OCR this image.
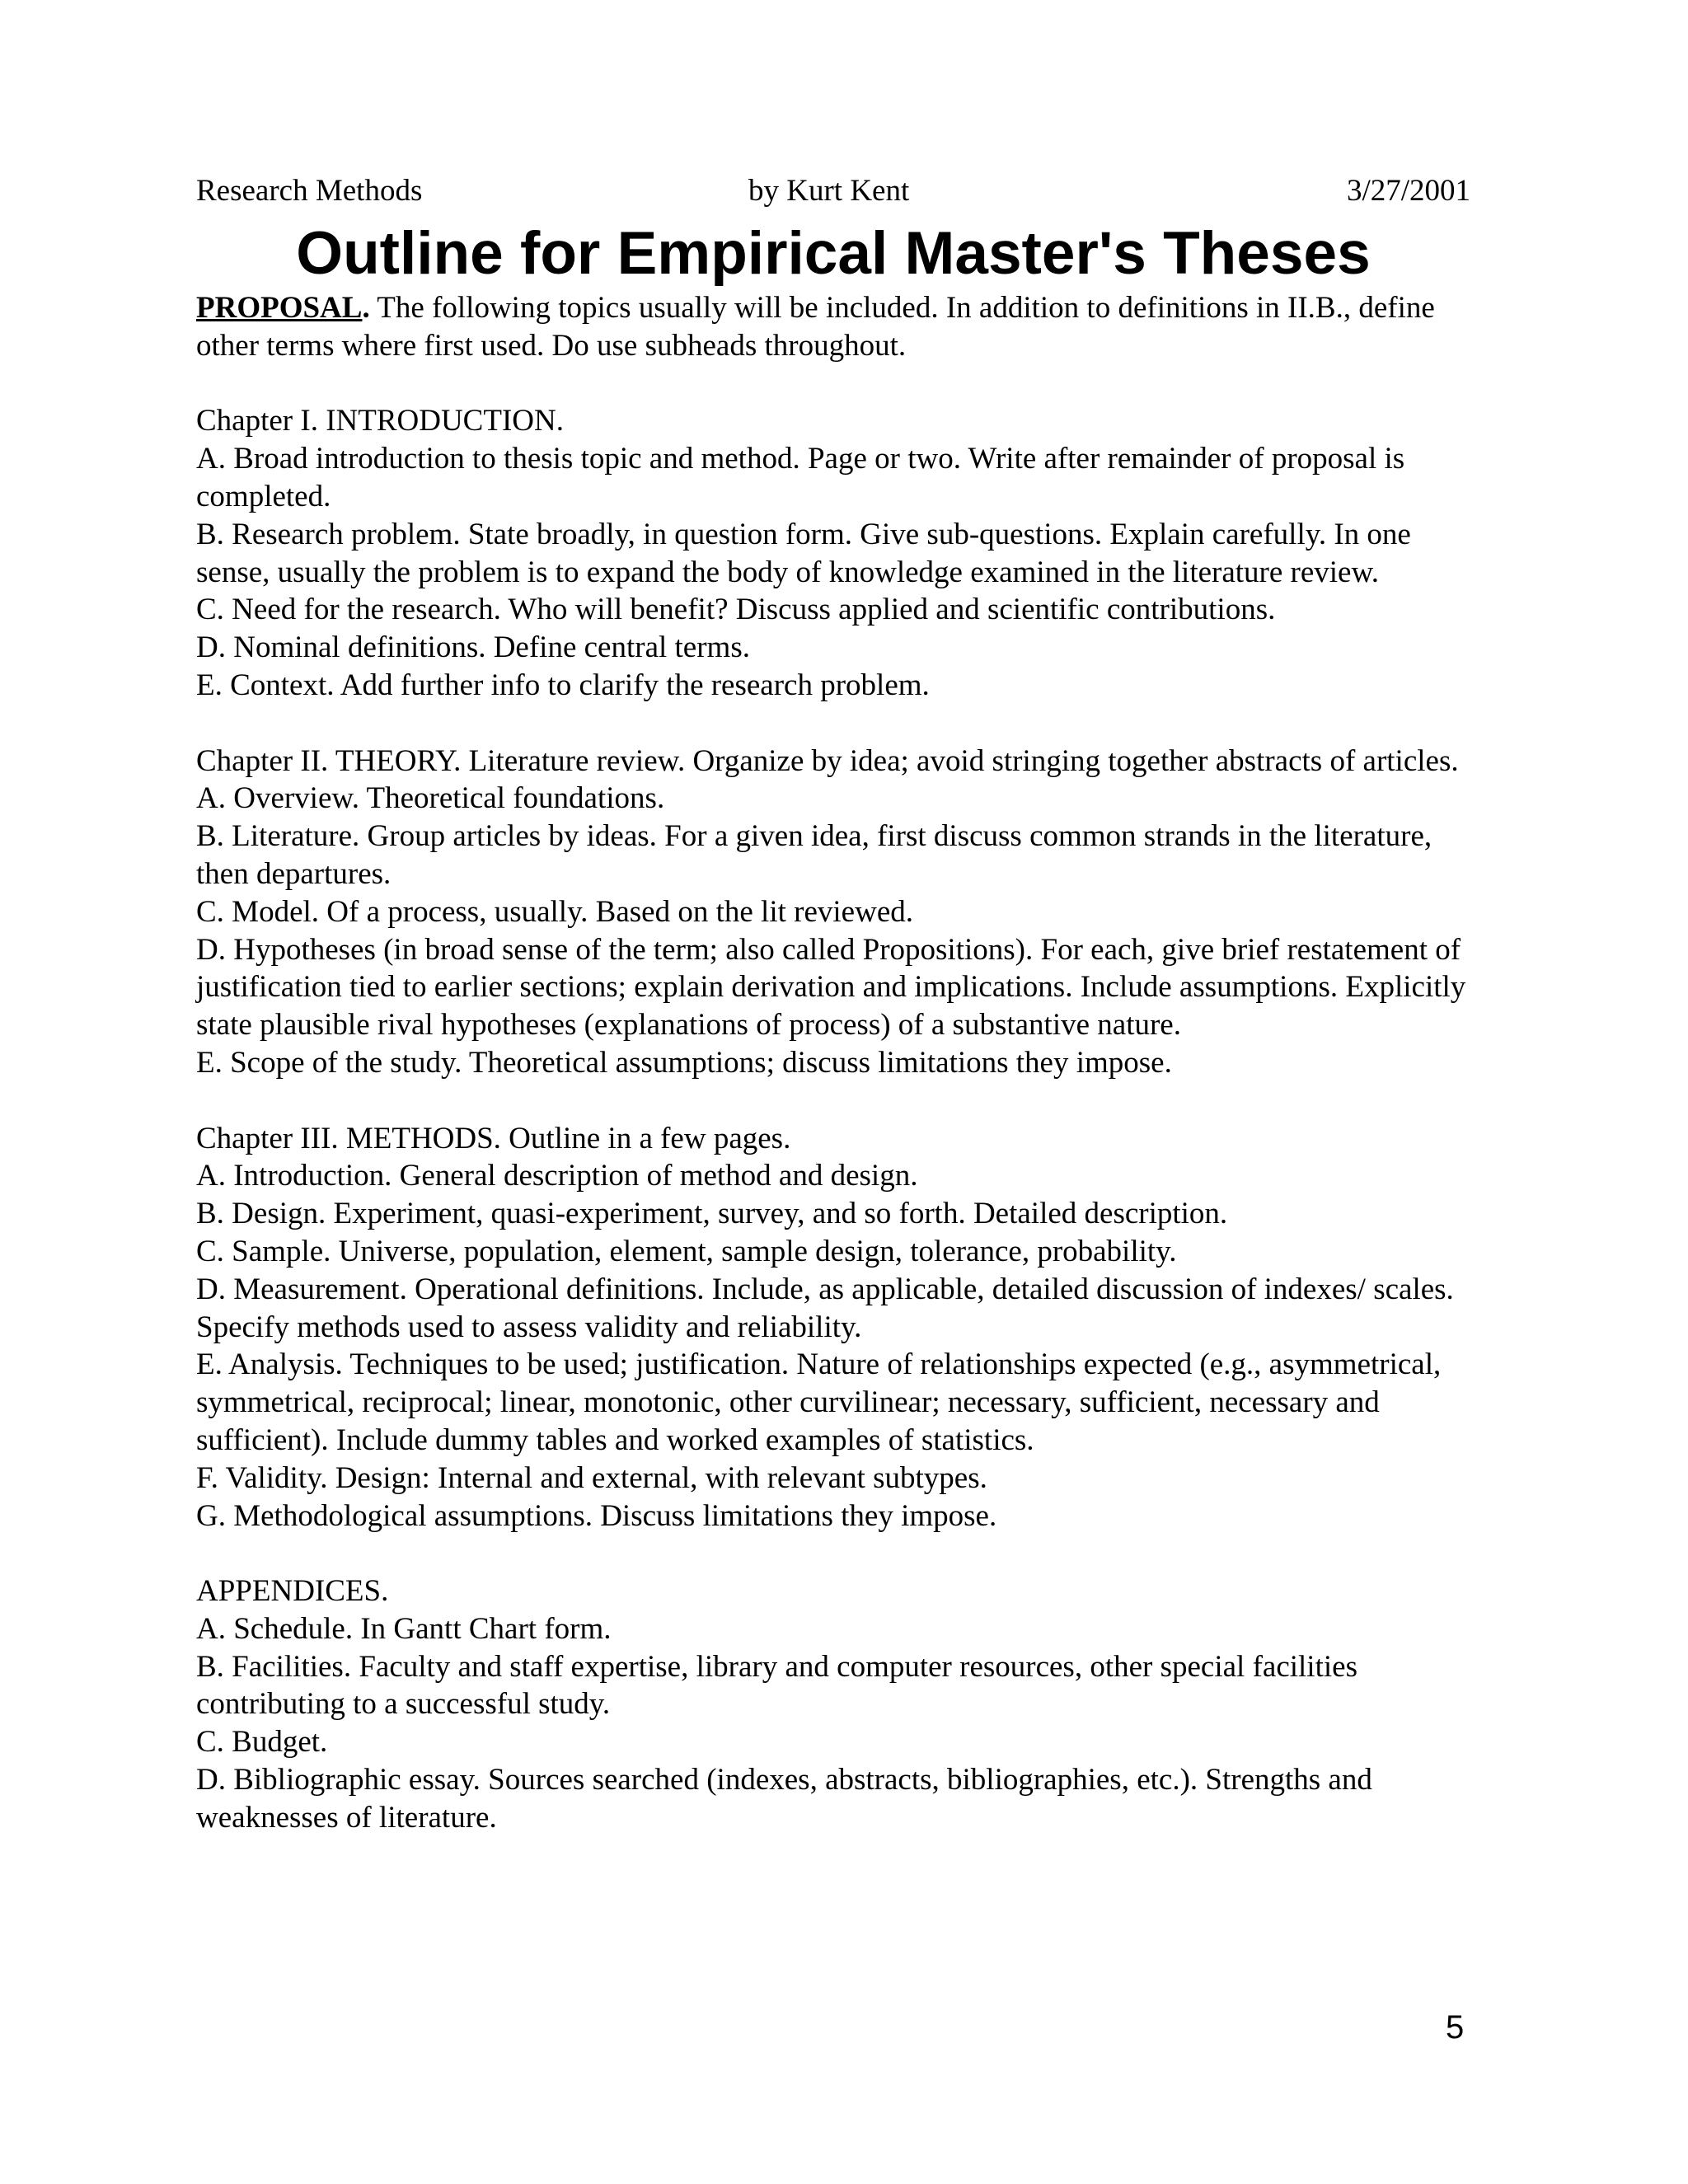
Research Methods	by Kurt Kent	3/27/2001
Outline for Empirical Master's Theses

PROPOSAL. The following topics usually will be included. In addition to definitions in II.B., define other terms where first used. Do use subheads throughout.

Chapter I. INTRODUCTION.

A. Broad introduction to thesis topic and method. Page or two. Write after remainder of proposal is completed.

B. Research problem. State broadly, in question form. Give sub-questions. Explain carefully. In one sense, usually the problem is to expand the body of knowledge examined in the literature review.

C. Need for the research. Who will benefit? Discuss applied and scientific contributions.

D. Nominal definitions. Define central terms.

E. Context. Add further info to clarify the research problem.

Chapter II. THEORY. Literature review. Organize by idea; avoid stringing together abstracts of articles.

A. Overview. Theoretical foundations.

B. Literature. Group articles by ideas. For a given idea, first discuss common strands in the literature, then departures.

C. Model. Of a process, usually. Based on the lit reviewed.

D. Hypotheses (in broad sense of the term; also called Propositions). For each, give brief restatement of justification tied to earlier sections; explain derivation and implications. Include assumptions. Explicitly state plausible rival hypotheses (explanations of process) of a substantive nature.

E. Scope of the study. Theoretical assumptions; discuss limitations they impose.

Chapter III. METHODS. Outline in a few pages.

A. Introduction. General description of method and design.

B. Design. Experiment, quasi-experiment, survey, and so forth. Detailed description.

C. Sample. Universe, population, element, sample design, tolerance, probability.

D. Measurement. Operational definitions. Include, as applicable, detailed discussion of indexes/ scales. Specify methods used to assess validity and reliability.

E. Analysis. Techniques to be used; justification. Nature of relationships expected (e.g., asymmetrical, symmetrical, reciprocal; linear, monotonic, other curvilinear; necessary, sufficient, necessary and sufficient). Include dummy tables and worked examples of statistics.

F. Validity. Design: Internal and external, with relevant subtypes.

G. Methodological assumptions. Discuss limitations they impose.

APPENDICES.

A. Schedule. In Gantt Chart form.

B. Facilities. Faculty and staff expertise, library and computer resources, other special facilities contributing to a successful study.

C. Budget.

D. Bibliographic essay. Sources searched (indexes, abstracts, bibliographies, etc.). Strengths and weaknesses of literature.

5
